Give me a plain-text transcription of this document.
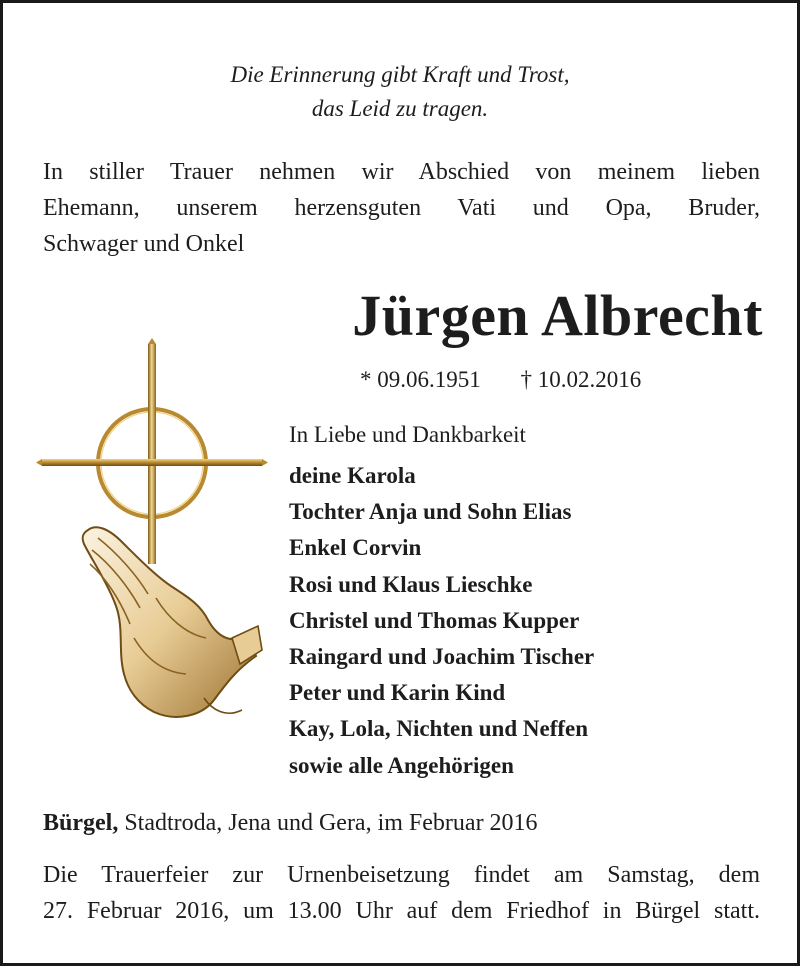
Die Erinnerung gibt Kraft und Trost,
das Leid zu tragen.
In stiller Trauer nehmen wir Abschied von meinem lieben
Ehemann, unserem herzensguten Vati und Opa, Bruder,
Schwager und Onkel
Jürgen Albrecht
* 09.06.1951 † 10.02.2016
In Liebe und Dankbarkeit
deine Karola
Tochter Anja und Sohn Elias
Enkel Corvin
Rosi und Klaus Lieschke
Christel und Thomas Kupper
Raingard und Joachim Tischer
Peter und Karin Kind
Kay, Lola, Nichten und Neffen
sowie alle Angehörigen
Bürgel, Stadtroda, Jena und Gera, im Februar 2016
Die Trauerfeier zur Urnenbeisetzung findet am Samstag, dem
27. Februar 2016, um 13.00 Uhr auf dem Friedhof in Bürgel statt.
